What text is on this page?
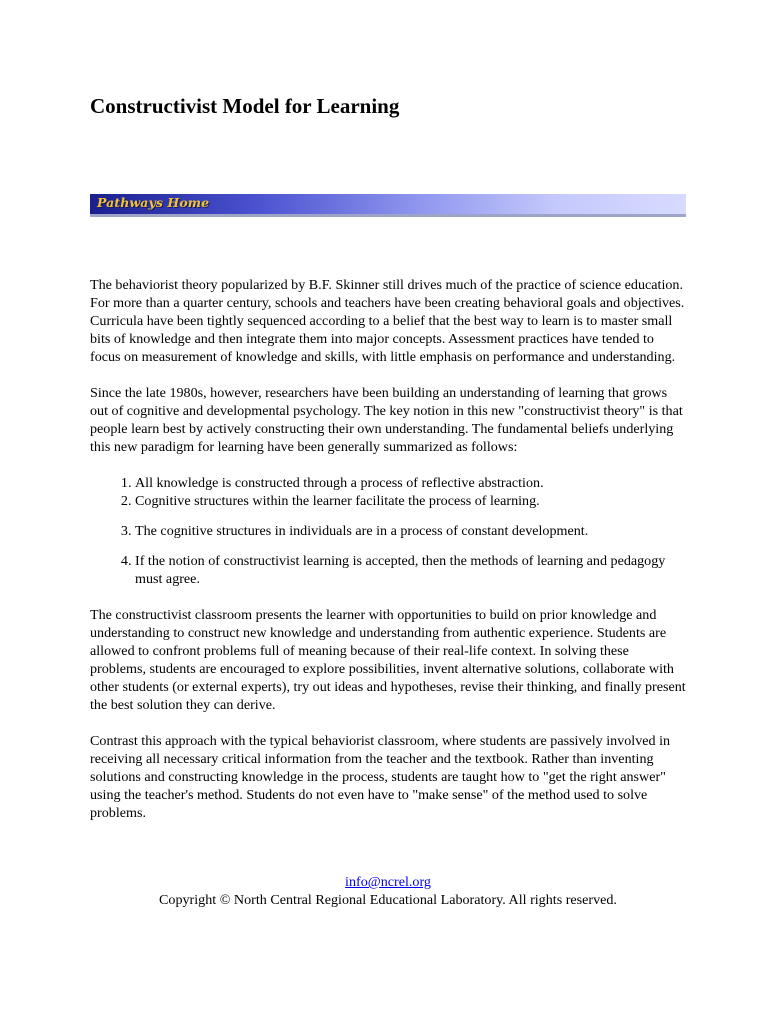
Constructivist Model for Learning
Pathways Home

The behaviorist theory popularized by B.F. Skinner still drives much of the practice of science education. For more than a quarter century, schools and teachers have been creating behavioral goals and objectives. Curricula have been tightly sequenced according to a belief that the best way to learn is to master small bits of knowledge and then integrate them into major concepts. Assessment practices have tended to focus on measurement of knowledge and skills, with little emphasis on performance and understanding.

Since the late 1980s, however, researchers have been building an understanding of learning that grows out of cognitive and developmental psychology. The key notion in this new "constructivist theory" is that people learn best by actively constructing their own understanding. The fundamental beliefs underlying this new paradigm for learning have been generally summarized as follows:

1. All knowledge is constructed through a process of reflective abstraction.
2. Cognitive structures within the learner facilitate the process of learning.
3. The cognitive structures in individuals are in a process of constant development.
4. If the notion of constructivist learning is accepted, then the methods of learning and pedagogy must agree.

The constructivist classroom presents the learner with opportunities to build on prior knowledge and understanding to construct new knowledge and understanding from authentic experience. Students are allowed to confront problems full of meaning because of their real-life context. In solving these problems, students are encouraged to explore possibilities, invent alternative solutions, collaborate with other students (or external experts), try out ideas and hypotheses, revise their thinking, and finally present the best solution they can derive.

Contrast this approach with the typical behaviorist classroom, where students are passively involved in receiving all necessary critical information from the teacher and the textbook. Rather than inventing solutions and constructing knowledge in the process, students are taught how to "get the right answer" using the teacher's method. Students do not even have to "make sense" of the method used to solve problems.

info@ncrel.org
Copyright © North Central Regional Educational Laboratory. All rights reserved.
